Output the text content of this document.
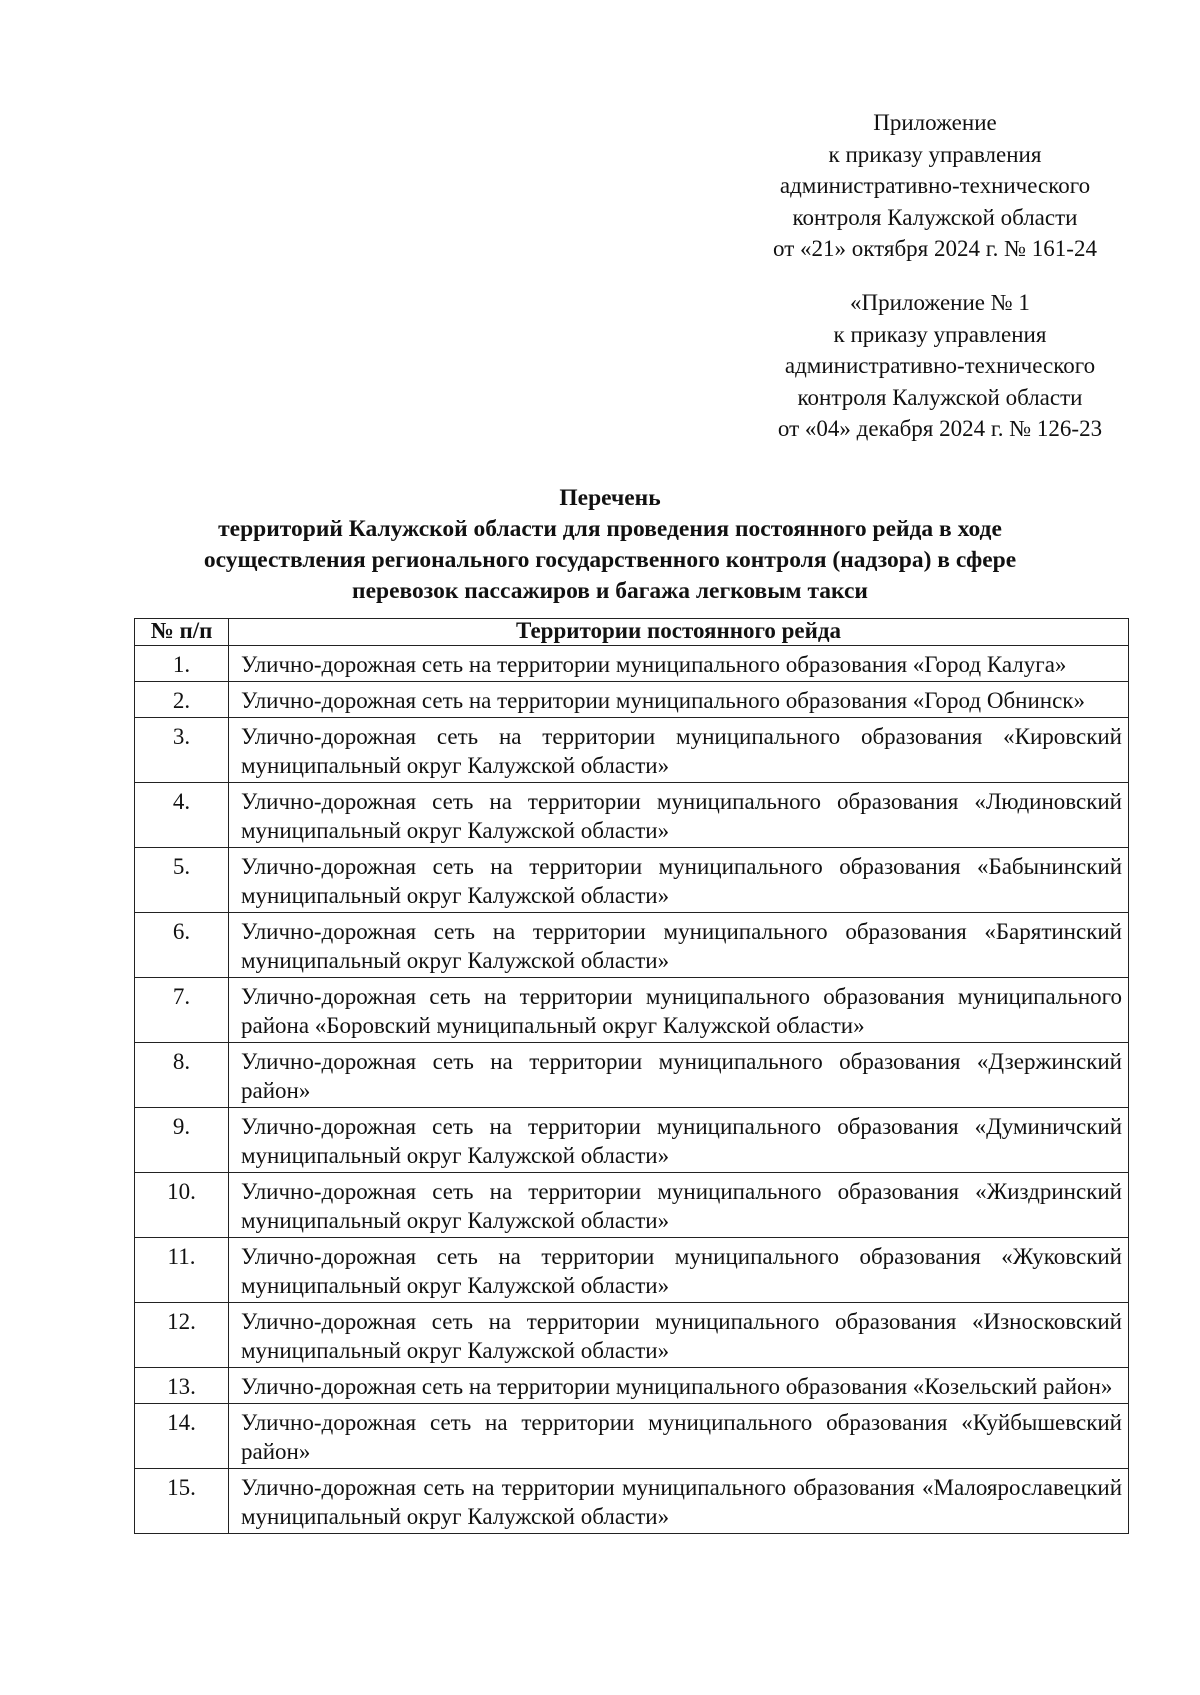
Приложение

к приказу управления

административно-технического

контроля Калужской области

от «21» октября 2024 г. № 161-24

«Приложение № 1

к приказу управления

административно-технического

контроля Калужской области

от «04» декабря 2024 г. № 126-23

Перечень

территорий Калужской области для проведения постоянного рейда в ходе

осуществления регионального государственного контроля (надзора) в сфере

перевозок пассажиров и багажа легковым такси

№ п/п	Территории постоянного рейда
1.	Улично-дорожная сеть на территории муниципального образования «Город Калуга»
2.	Улично-дорожная сеть на территории муниципального образования «Город Обнинск»
3.	Улично-дорожная сеть на территории муниципального образования «Кировский муниципальный округ Калужской области»
4.	Улично-дорожная сеть на территории муниципального образования «Людиновский муниципальный округ Калужской области»
5.	Улично-дорожная сеть на территории муниципального образования «Бабынинский муниципальный округ Калужской области»
6.	Улично-дорожная сеть на территории муниципального образования «Барятинский муниципальный округ Калужской области»
7.	Улично-дорожная сеть на территории муниципального образования муниципального района «Боровский муниципальный округ Калужской области»
8.	Улично-дорожная сеть на территории муниципального образования «Дзержинский район»
9.	Улично-дорожная сеть на территории муниципального образования «Думиничский муниципальный округ Калужской области»
10.	Улично-дорожная сеть на территории муниципального образования «Жиздринский муниципальный округ Калужской области»
11.	Улично-дорожная сеть на территории муниципального образования «Жуковский муниципальный округ Калужской области»
12.	Улично-дорожная сеть на территории муниципального образования «Износковский муниципальный округ Калужской области»
13.	Улично-дорожная сеть на территории муниципального образования «Козельский район»
14.	Улично-дорожная сеть на территории муниципального образования «Куйбышевский район»
15.	Улично-дорожная сеть на территории муниципального образования «Малоярославецкий муниципальный округ Калужской области»
